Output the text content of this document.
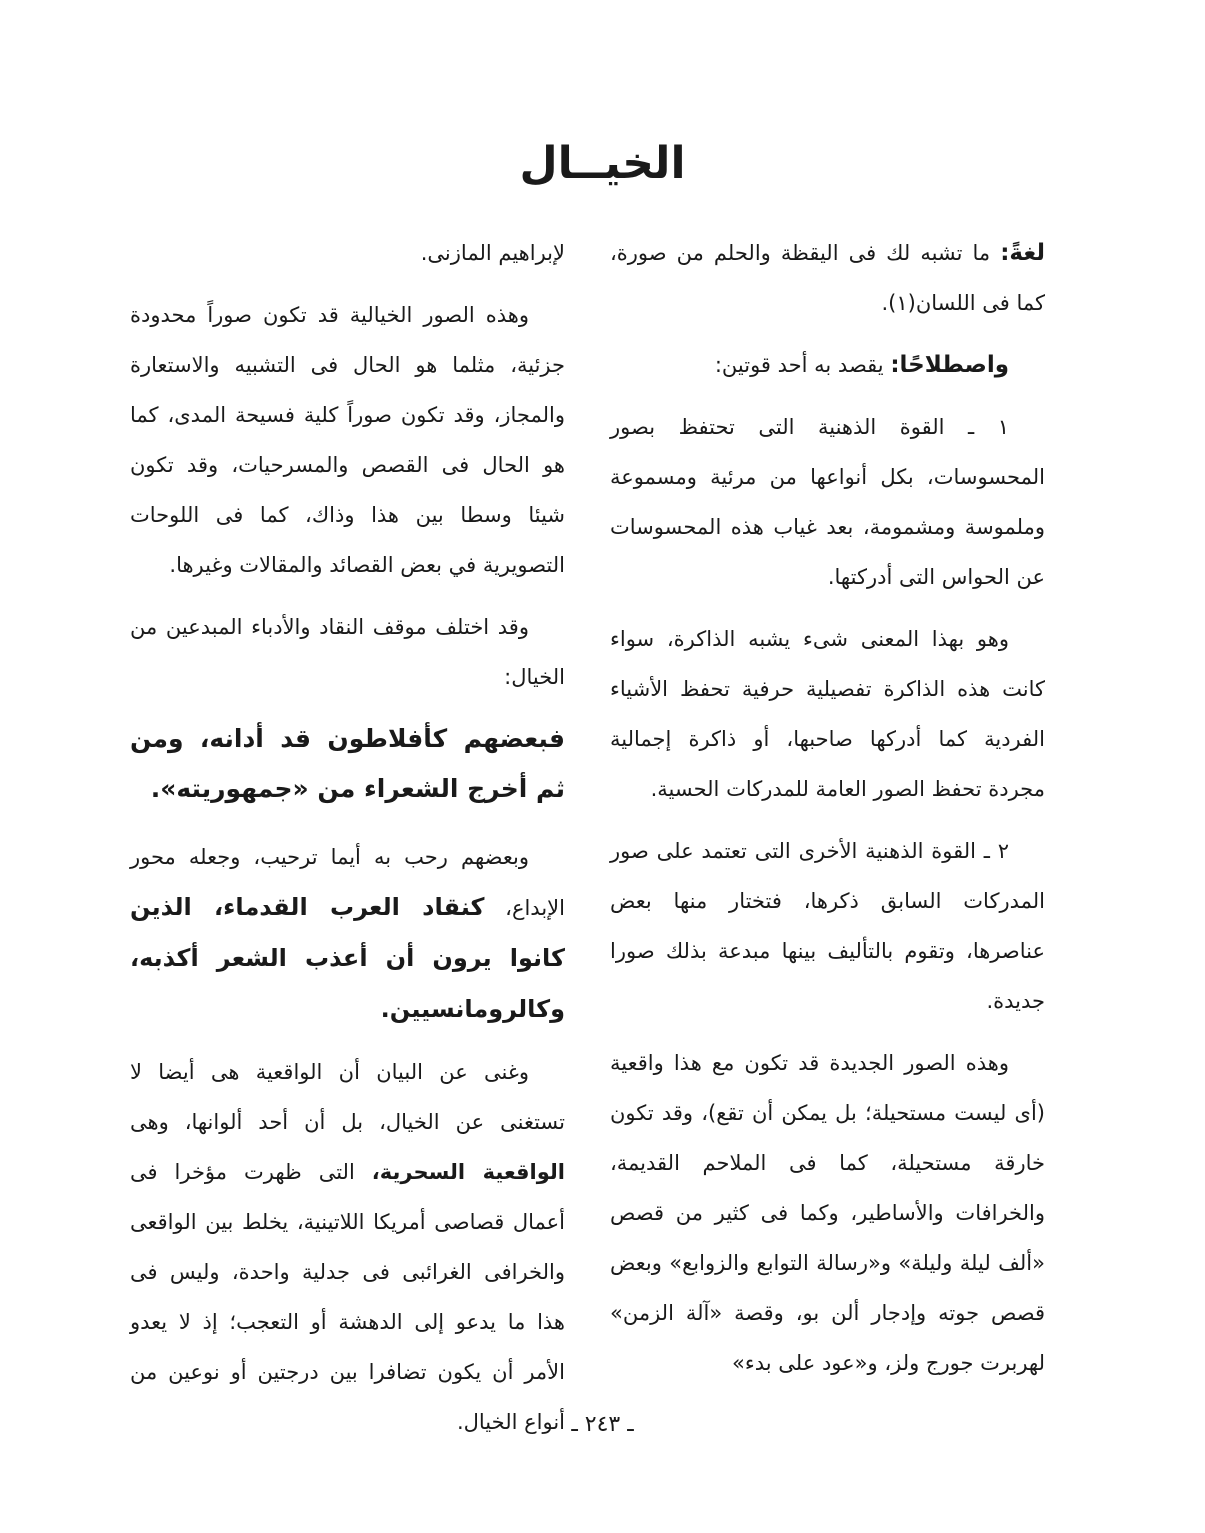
الخيــال

لغةً: ما تشبه لك فى اليقظة والحلم من صورة، كما فى اللسان(١).

واصطلاحًا: يقصد به أحد قوتين:

١ ـ القوة الذهنية التى تحتفظ بصور المحسوسات، بكل أنواعها من مرئية ومسموعة وملموسة ومشمومة، بعد غياب هذه المحسوسات عن الحواس التى أدركتها.

وهو بهذا المعنى شىء يشبه الذاكرة، سواء كانت هذه الذاكرة تفصيلية حرفية تحفظ الأشياء الفردية كما أدركها صاحبها، أو ذاكرة إجمالية مجردة تحفظ الصور العامة للمدركات الحسية.

٢ ـ القوة الذهنية الأخرى التى تعتمد على صور المدركات السابق ذكرها، فتختار منها بعض عناصرها، وتقوم بالتأليف بينها مبدعة بذلك صورا جديدة.

وهذه الصور الجديدة قد تكون مع هذا واقعية (أى ليست مستحيلة؛ بل يمكن أن تقع)، وقد تكون خارقة مستحيلة، كما فى الملاحم القديمة، والخرافات والأساطير، وكما فى كثير من قصص «ألف ليلة وليلة» و«رسالة التوابع والزوابع» وبعض قصص جوته وإدجار ألن بو، وقصة «آلة الزمن» لهربرت جورج ولز، و«عود على بدء»

لإبراهيم المازنى.

وهذه الصور الخيالية قد تكون صوراً محدودة جزئية، مثلما هو الحال فى التشبيه والاستعارة والمجاز، وقد تكون صوراً كلية فسيحة المدى، كما هو الحال فى القصص والمسرحيات، وقد تكون شيئا وسطا بين هذا وذاك، كما فى اللوحات التصويرية في بعض القصائد والمقالات وغيرها.

وقد اختلف موقف النقاد والأدباء المبدعين من الخيال:

فبعضهم كأفلاطون قد أدانه، ومن ثم أخرج الشعراء من «جمهوريته».

وبعضهم رحب به أيما ترحيب، وجعله محور الإبداع، كنقاد العرب القدماء، الذين كانوا يرون أن أعذب الشعر أكذبه، وكالرومانسيين.

وغنى عن البيان أن الواقعية هى أيضا لا تستغنى عن الخيال، بل أن أحد ألوانها، وهى الواقعية السحرية، التى ظهرت مؤخرا فى أعمال قصاصى أمريكا اللاتينية، يخلط بين الواقعى والخرافى الغرائبى فى جدلية واحدة، وليس فى هذا ما يدعو إلى الدهشة أو التعجب؛ إذ لا يعدو الأمر أن يكون تضافرا بين درجتين أو نوعين من أنواع الخيال. ـ ٢٤٣ ـ
